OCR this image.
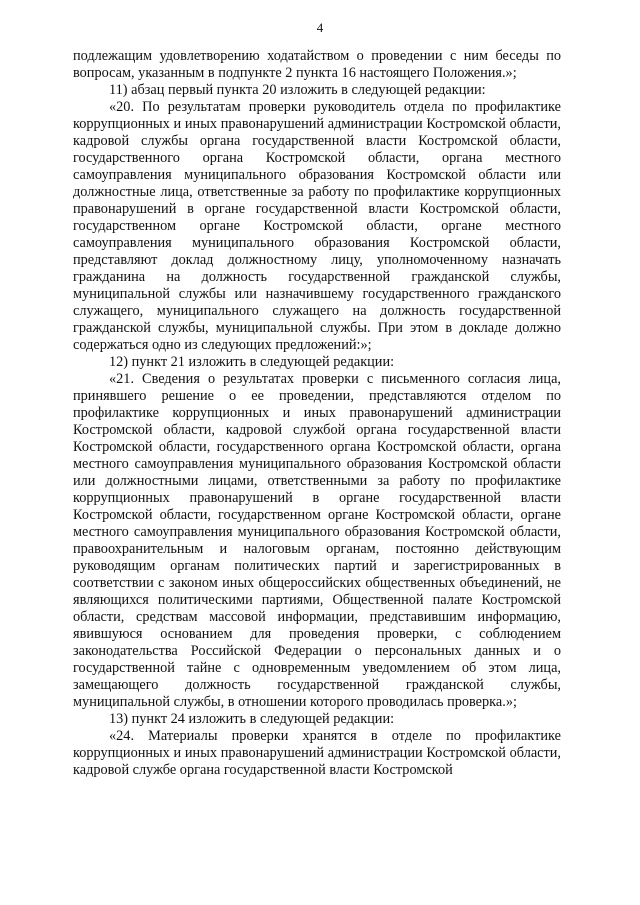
4

подлежащим удовлетворению ходатайством о проведении с ним беседы по вопросам, указанным в подпункте 2 пункта 16 настоящего Положения.»;

11) абзац первый пункта 20 изложить в следующей редакции:

«20. По результатам проверки руководитель отдела по профилактике коррупционных и иных правонарушений администрации Костромской области, кадровой службы органа государственной власти Костромской области, государственного органа Костромской области, органа местного самоуправления муниципального образования Костромской области или должностные лица, ответственные за работу по профилактике коррупционных правонарушений в органе государственной власти Костромской области, государственном органе Костромской области, органе местного самоуправления муниципального образования Костромской области, представляют доклад должностному лицу, уполномоченному назначать гражданина на должность государственной гражданской службы, муниципальной службы или назначившему государственного гражданского служащего, муниципального служащего на должность государственной гражданской службы, муниципальной службы. При этом в докладе должно содержаться одно из следующих предложений:»;

12) пункт 21 изложить в следующей редакции:

«21. Сведения о результатах проверки с письменного согласия лица, принявшего решение о ее проведении, представляются отделом по профилактике коррупционных и иных правонарушений администрации Костромской области, кадровой службой органа государственной власти Костромской области, государственного органа Костромской области, органа местного самоуправления муниципального образования Костромской области или должностными лицами, ответственными за работу по профилактике коррупционных правонарушений в органе государственной власти Костромской области, государственном органе Костромской области, органе местного самоуправления муниципального образования Костромской области, правоохранительным и налоговым органам, постоянно действующим руководящим органам политических партий и зарегистрированных в соответствии с законом иных общероссийских общественных объединений, не являющихся политическими партиями, Общественной палате Костромской области, средствам массовой информации, представившим информацию, явившуюся основанием для проведения проверки, с соблюдением законодательства Российской Федерации о персональных данных и о государственной тайне с одновременным уведомлением об этом лица, замещающего должность государственной гражданской службы, муниципальной службы, в отношении которого проводилась проверка.»;

13) пункт 24 изложить в следующей редакции:

«24. Материалы проверки хранятся в отделе по профилактике коррупционных и иных правонарушений администрации Костромской области, кадровой службе органа государственной власти Костромской
